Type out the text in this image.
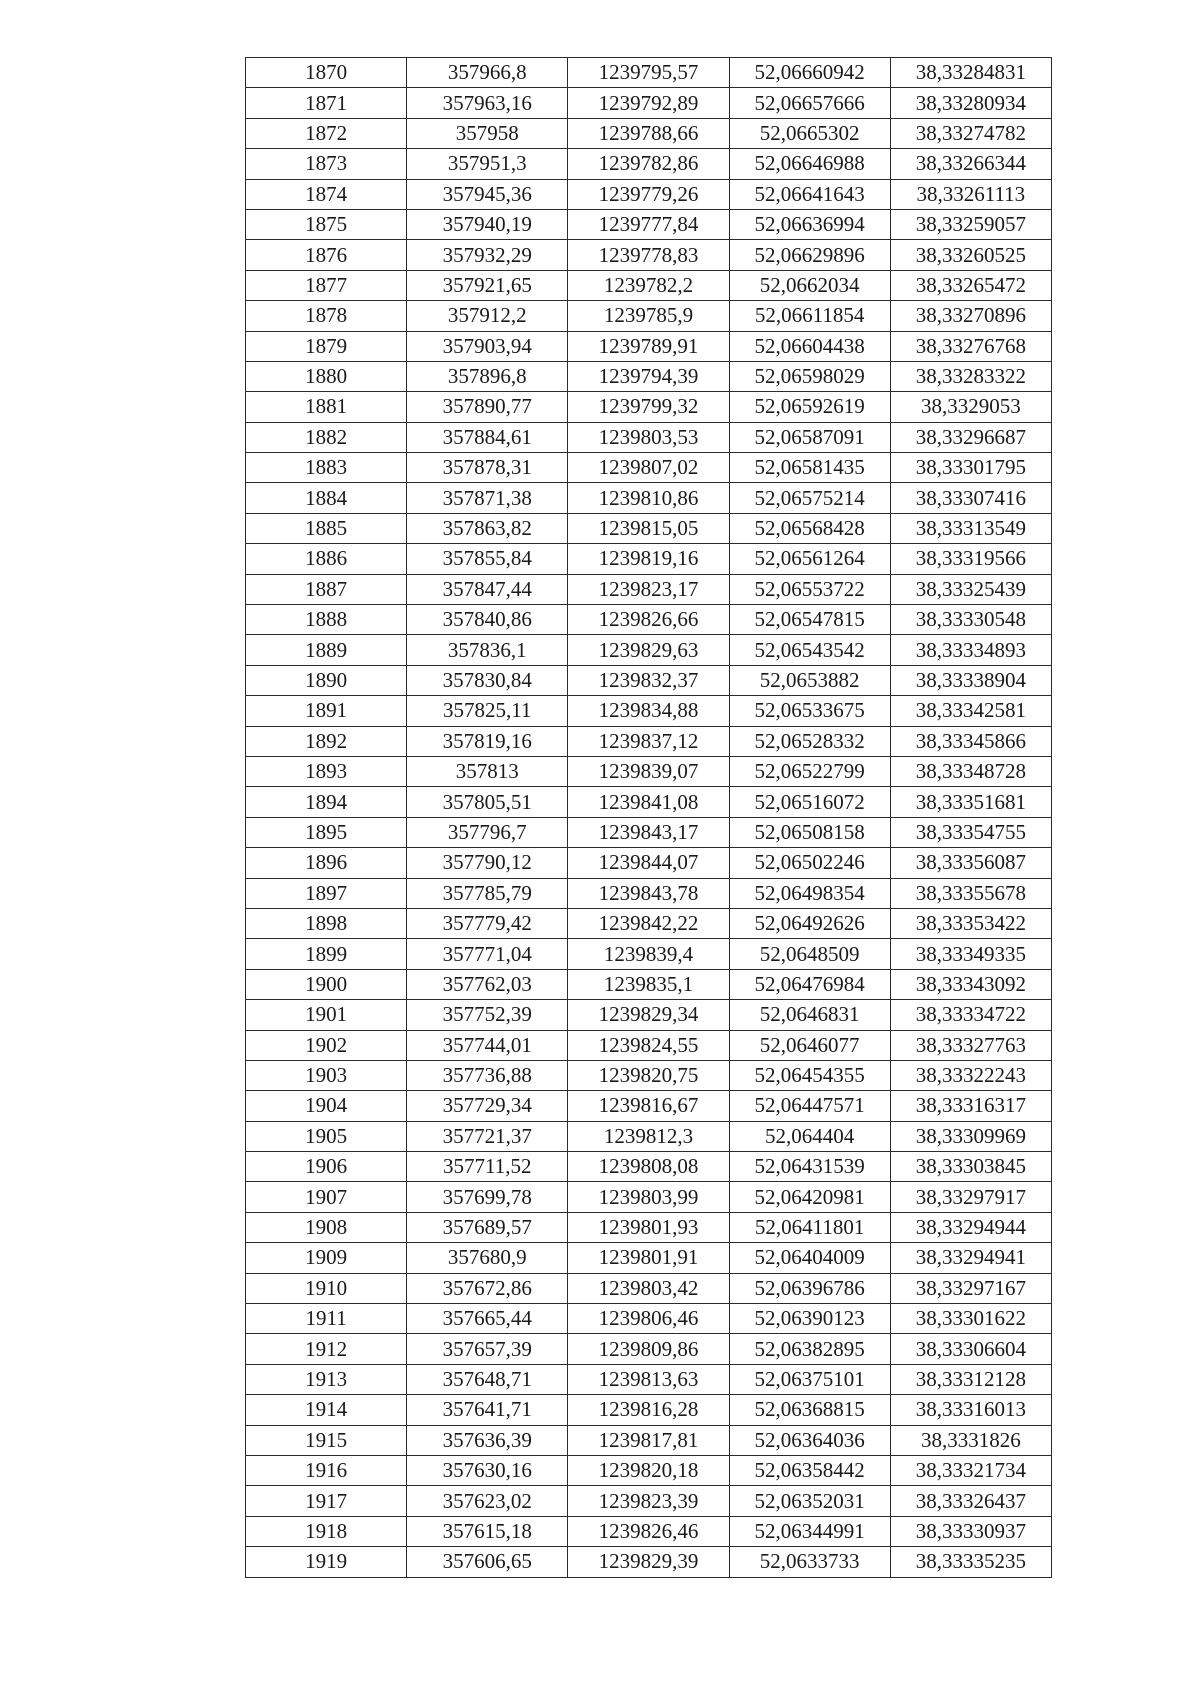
1870	357966,8	1239795,57	52,06660942	38,33284831
1871	357963,16	1239792,89	52,06657666	38,33280934
1872	357958	1239788,66	52,0665302	38,33274782
1873	357951,3	1239782,86	52,06646988	38,33266344
1874	357945,36	1239779,26	52,06641643	38,33261113
1875	357940,19	1239777,84	52,06636994	38,33259057
1876	357932,29	1239778,83	52,06629896	38,33260525
1877	357921,65	1239782,2	52,0662034	38,33265472
1878	357912,2	1239785,9	52,06611854	38,33270896
1879	357903,94	1239789,91	52,06604438	38,33276768
1880	357896,8	1239794,39	52,06598029	38,33283322
1881	357890,77	1239799,32	52,06592619	38,3329053
1882	357884,61	1239803,53	52,06587091	38,33296687
1883	357878,31	1239807,02	52,06581435	38,33301795
1884	357871,38	1239810,86	52,06575214	38,33307416
1885	357863,82	1239815,05	52,06568428	38,33313549
1886	357855,84	1239819,16	52,06561264	38,33319566
1887	357847,44	1239823,17	52,06553722	38,33325439
1888	357840,86	1239826,66	52,06547815	38,33330548
1889	357836,1	1239829,63	52,06543542	38,33334893
1890	357830,84	1239832,37	52,0653882	38,33338904
1891	357825,11	1239834,88	52,06533675	38,33342581
1892	357819,16	1239837,12	52,06528332	38,33345866
1893	357813	1239839,07	52,06522799	38,33348728
1894	357805,51	1239841,08	52,06516072	38,33351681
1895	357796,7	1239843,17	52,06508158	38,33354755
1896	357790,12	1239844,07	52,06502246	38,33356087
1897	357785,79	1239843,78	52,06498354	38,33355678
1898	357779,42	1239842,22	52,06492626	38,33353422
1899	357771,04	1239839,4	52,0648509	38,33349335
1900	357762,03	1239835,1	52,06476984	38,33343092
1901	357752,39	1239829,34	52,0646831	38,33334722
1902	357744,01	1239824,55	52,0646077	38,33327763
1903	357736,88	1239820,75	52,06454355	38,33322243
1904	357729,34	1239816,67	52,06447571	38,33316317
1905	357721,37	1239812,3	52,064404	38,33309969
1906	357711,52	1239808,08	52,06431539	38,33303845
1907	357699,78	1239803,99	52,06420981	38,33297917
1908	357689,57	1239801,93	52,06411801	38,33294944
1909	357680,9	1239801,91	52,06404009	38,33294941
1910	357672,86	1239803,42	52,06396786	38,33297167
1911	357665,44	1239806,46	52,06390123	38,33301622
1912	357657,39	1239809,86	52,06382895	38,33306604
1913	357648,71	1239813,63	52,06375101	38,33312128
1914	357641,71	1239816,28	52,06368815	38,33316013
1915	357636,39	1239817,81	52,06364036	38,3331826
1916	357630,16	1239820,18	52,06358442	38,33321734
1917	357623,02	1239823,39	52,06352031	38,33326437
1918	357615,18	1239826,46	52,06344991	38,33330937
1919	357606,65	1239829,39	52,0633733	38,33335235
